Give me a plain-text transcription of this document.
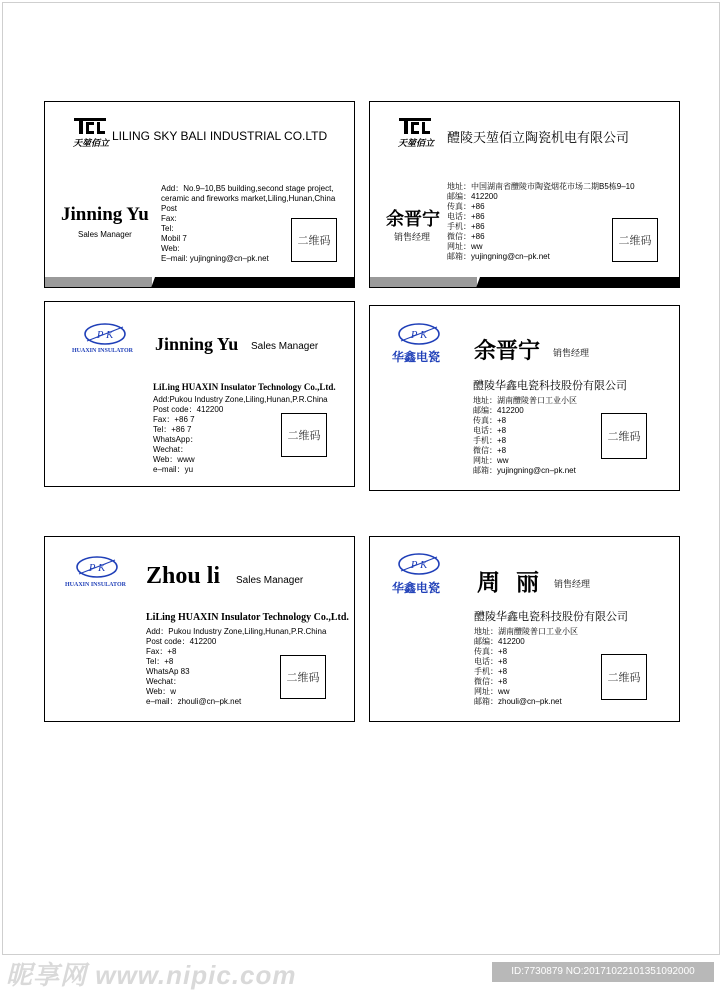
天堃佰立
LILING SKY BALI INDUSTRIAL CO.LTD
Jinning Yu
Sales Manager
Add：No.9–10,B5 building,second stage project,
ceramic and fireworks market,Liling,Hunan,China
Post
Fax:
Tel:
Mobil 7
Web:
E–mail: yujingning@cn–pk.net
二维码
天堃佰立 醴陵天堃佰立陶瓷机电有限公司
余晋宁
销售经理
地址：中国湖南省醴陵市陶瓷烟花市场二期B5栋9–10
邮编：412200
传真：+86
电话：+86
手机：+86
微信：+86
网址：ww
邮箱：yujingning@cn–pk.net
二维码
P K
HUAXIN INSULATOR Jinning Yu Sales Manager
LiLing HUAXIN Insulator Technology Co.,Ltd.
Add:Pukou Industry Zone,Liling,Hunan,P.R.China
Post code：412200
Fax：+86 7
Tel：+86 7
WhatsApp：
Wechat：
Web：www
e–mail：yu
二维码
P K
华鑫电瓷 余晋宁 销售经理
醴陵华鑫电瓷科技股份有限公司
地址：湖南醴陵普口工业小区
邮编：412200
传真：+8
电话：+8
手机：+8
微信：+8
网址：ww
邮箱：yujingning@cn–pk.net
二维码
P K
HUAXIN INSULATOR Zhou li Sales Manager
LiLing HUAXIN Insulator Technology Co.,Ltd.
Add：Pukou Industry Zone,Liling,Hunan,P.R.China
Post code：412200
Fax：+8
Tel：+8
WhatsAp 83
Wechat：
Web：w
e–mail：zhouli@cn–pk.net
二维码
P K
华鑫电瓷 周  丽 销售经理
醴陵华鑫电瓷科技股份有限公司
地址：湖南醴陵普口工业小区
邮编：412200
传真：+8
电话：+8
手机：+8
微信：+8
网址：ww
邮箱：zhouli@cn–pk.net
二维码
昵享网 www.nipic.com	ID:7730879 NO:20171022101351092000
